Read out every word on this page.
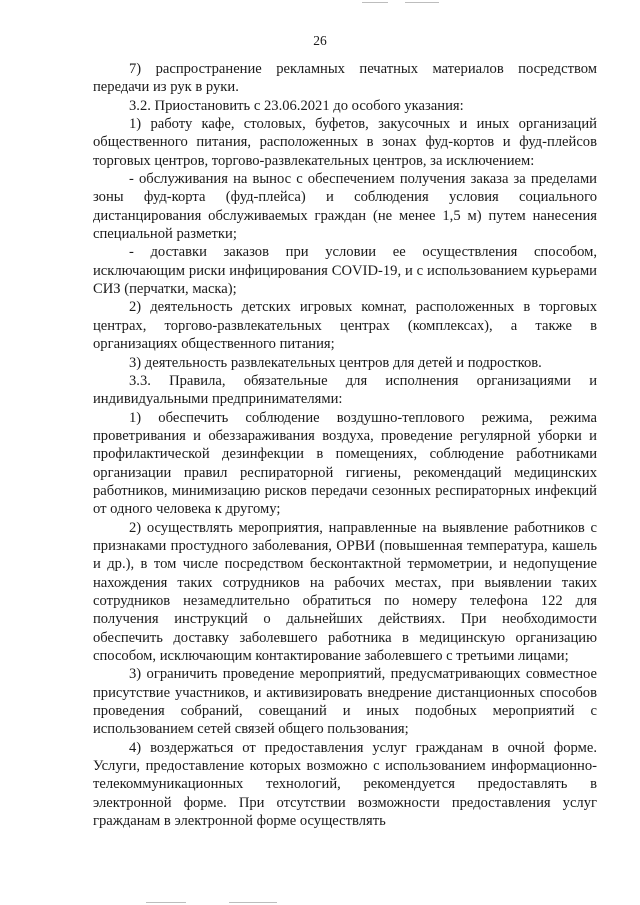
26

7) распространение рекламных печатных материалов посредством передачи из рук в руки.

3.2. Приостановить с 23.06.2021 до особого указания:

1) работу кафе, столовых, буфетов, закусочных и иных организаций общественного питания, расположенных в зонах фуд-кортов и фуд-плейсов торговых центров, торгово-развлекательных центров, за исключением:

- обслуживания на вынос с обеспечением получения заказа за пределами зоны фуд-корта (фуд-плейса) и соблюдения условия социального дистанцирования обслуживаемых граждан (не менее 1,5 м) путем нанесения специальной разметки;

- доставки заказов при условии ее осуществления способом, исключающим риски инфицирования COVID-19, и с использованием курьерами СИЗ (перчатки, маска);

2) деятельность детских игровых комнат, расположенных в торговых центрах, торгово-развлекательных центрах (комплексах), а также в организациях общественного питания;

3) деятельность развлекательных центров для детей и подростков.

3.3. Правила, обязательные для исполнения организациями и индивидуальными предпринимателями:

1) обеспечить соблюдение воздушно-теплового режима, режима проветривания и обеззараживания воздуха, проведение регулярной уборки и профилактической дезинфекции в помещениях, соблюдение работниками организации правил респираторной гигиены, рекомендаций медицинских работников, минимизацию рисков передачи сезонных респираторных инфекций от одного человека к другому;

2) осуществлять мероприятия, направленные на выявление работников с признаками простудного заболевания, ОРВИ (повышенная температура, кашель и др.), в том числе посредством бесконтактной термометрии, и недопущение нахождения таких сотрудников на рабочих местах, при выявлении таких сотрудников незамедлительно обратиться по номеру телефона 122 для получения инструкций о дальнейших действиях. При необходимости обеспечить доставку заболевшего работника в медицинскую организацию способом, исключающим контактирование заболевшего с третьими лицами;

3) ограничить проведение мероприятий, предусматривающих совместное присутствие участников, и активизировать внедрение дистанционных способов проведения собраний, совещаний и иных подобных мероприятий с использованием сетей связей общего пользования;

4) воздержаться от предоставления услуг гражданам в очной форме. Услуги, предоставление которых возможно с использованием информационно-телекоммуникационных технологий, рекомендуется предоставлять в электронной форме. При отсутствии возможности предоставления услуг гражданам в электронной форме осуществлять
